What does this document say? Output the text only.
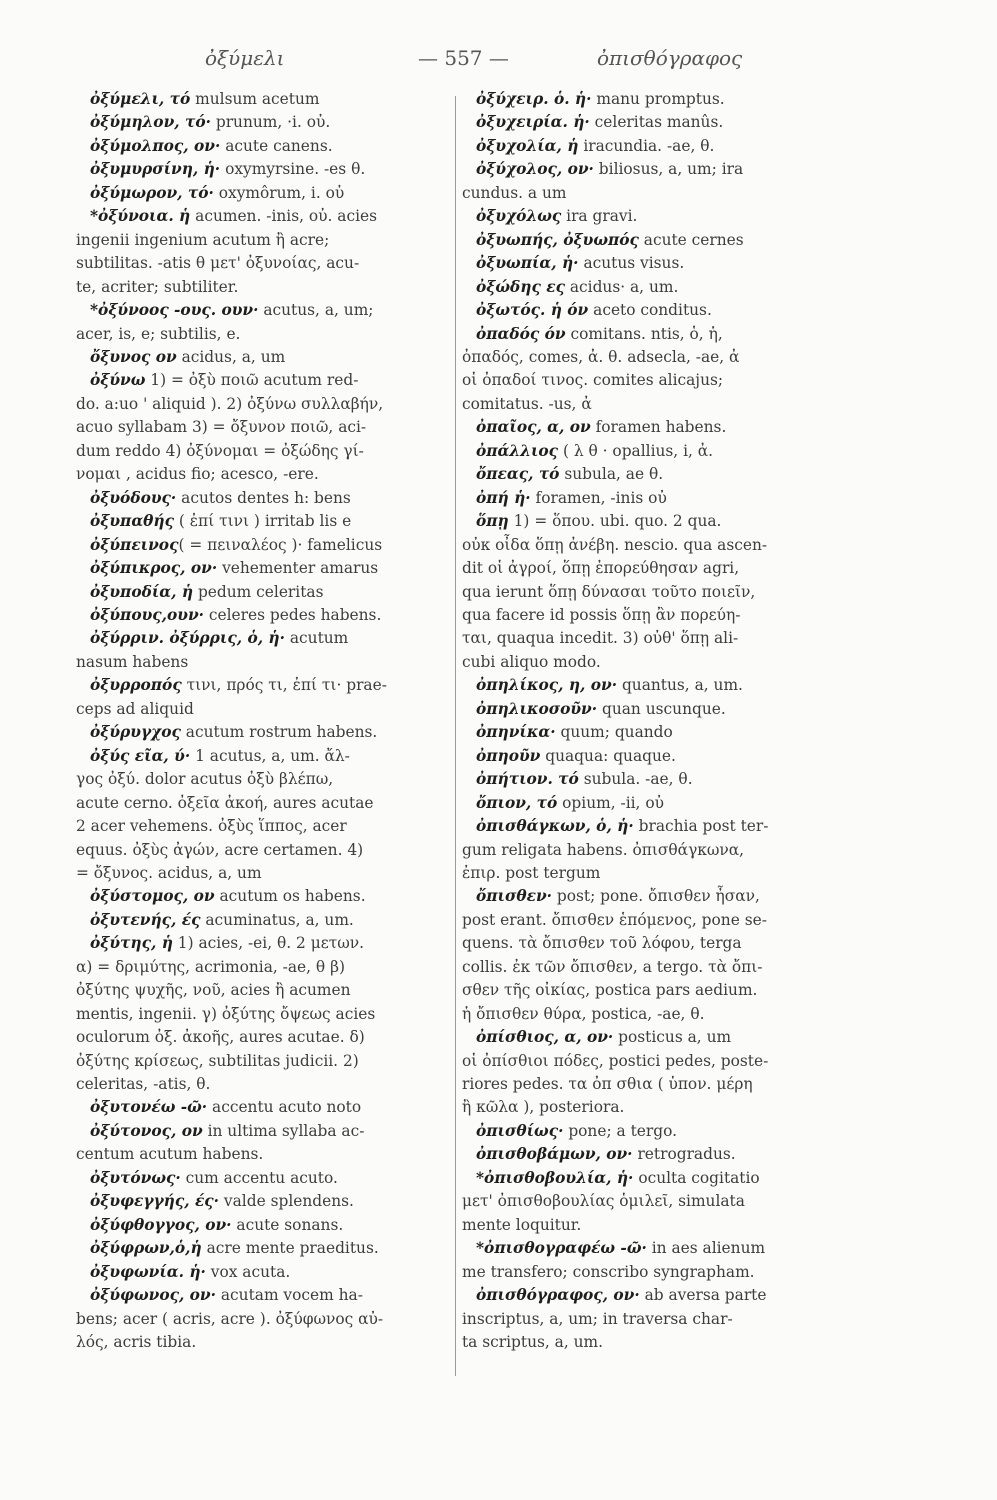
ὀξύμελι	— 557 —	ὀπισθόγραφος
ὀξύμελι, τό mulsum acetum
ὀξύμηλον, τό· prunum, ·i. οὐ.
ὀξύμολπος, ον· acute canens.
ὀξυμυρσίνη, ἡ· oxymyrsine. -es θ.
ὀξύμωρον, τό· oxymôrum, i. οὐ
*ὀξύνοια. ἡ acumen. -inis, οὐ. acies
ingenii ingenium acutum ἢ acre;
subtilitas. -atis θ μετ' ὀξυνοίας, acu-
te, acriter; subtiliter.
*ὀξύνοος -ους. ουν· acutus, a, um;
acer, is, e; subtilis, e.
ὄξυνος ον acidus, a, um
ὀξύνω 1) = ὀξὺ ποιῶ acutum red-
do. a:uo ' aliquid ). 2) ὀξύνω συλλαβήν,
acuo syllabam 3) = ὄξυνον ποιῶ, aci-
dum reddo 4) ὀξύνομαι = ὀξώδης γί-
νομαι , acidus fio; acesco, -ere.
ὀξυόδους· acutos dentes h: bens
ὀξυπαθής ( ἐπί τινι ) irritab lis e
ὀξύπεινος( = πειναλέος )· famelicus
ὀξύπικρος, ον· vehementer amarus
ὀξυποδία, ἡ pedum celeritas
ὀξύπους,ουν· celeres pedes habens.
ὀξύρριν. ὀξύρρις, ὁ, ἡ· acutum
nasum habens
ὀξυρροπός τινι, πρός τι, ἐπί τι· prae-
ceps ad aliquid
ὀξύρυγχος acutum rostrum habens.
ὀξύς εῖα, ύ· 1 acutus, a, um. ἄλ-
γος ὀξύ. dolor acutus ὀξὺ βλέπω,
acute cerno. ὀξεῖα ἀκοή, aures acutae
2 acer vehemens. ὀξὺς ἵππος, acer
equus. ὀξὺς ἀγών, acre certamen. 4)
= ὄξυνος. acidus, a, um
ὀξύστομος, ον acutum os habens.
ὀξυτενής, ές acuminatus, a, um.
ὀξύτης, ἡ 1) acies, -ei, θ. 2 μετων.
α) = δριμύτης, acrimonia, -ae, θ β)
ὀξύτης ψυχῆς, νοῦ, acies ἢ acumen
mentis, ingenii. γ) ὀξύτης ὄψεως acies
oculorum ὀξ. ἀκοῆς, aures acutae. δ)
ὀξύτης κρίσεως, subtilitas judicii. 2)
celeritas, -atis, θ.
ὀξυτονέω -ῶ· accentu acuto noto
ὀξύτονος, ον in ultima syllaba ac-
centum acutum habens.
ὀξυτόνως· cum accentu acuto.
ὀξυφεγγής, ές· valde splendens.
ὀξύφθογγος, ον· acute sonans.
ὀξύφρων,ὁ,ἡ acre mente praeditus.
ὀξυφωνία. ἡ· vox acuta.
ὀξύφωνος, ον· acutam vocem ha-
bens; acer ( acris, acre ). ὀξύφωνος αὐ-
λός, acris tibia.
ὀξύχειρ. ὁ. ἡ· manu promptus.
ὀξυχειρία. ἡ· celeritas manûs.
ὀξυχολία, ἡ iracundia. -ae, θ.
ὀξύχολος, ον· biliosus, a, um; ira
cundus. a um
ὀξυχόλως ira gravi.
ὀξυωπής, ὀξυωπός acute cernes
ὀξυωπία, ἡ· acutus visus.
ὀξώδης ες acidus· a, um.
ὀξωτός. ἡ όν aceto conditus.
ὀπαδός όν comitans. ntis, ὁ, ἡ,
ὀπαδός, comes, ἀ. θ. adsecla, -ae, ἀ
οἱ ὀπαδοί τινος. comites alicajus;
comitatus. -us, ἀ
ὀπαῖος, α, ον foramen habens.
ὀπάλλιος ( λ θ · opallius, i, ἀ.
ὄπεας, τό subula, ae θ.
ὀπή ἡ· foramen, -inis οὐ
ὅπῃ 1) = ὅπου. ubi. quo. 2 qua.
οὐκ οἶδα ὅπῃ ἀνέβη. nescio. qua ascen-
dit οἱ ἀγροί, ὅπῃ ἐπορεύθησαν agri,
qua ierunt ὅπῃ δύνασαι τοῦτο ποιεῖν,
qua facere id possis ὅπῃ ἂν πορεύη-
ται, quaqua incedit. 3) οὐθ' ὅπῃ ali-
cubi aliquo modo.
ὀπηλίκος, η, ον· quantus, a, um.
ὀπηλικοσοῦν· quan uscunque.
ὀπηνίκα· quum; quando
ὀπηοῦν quaqua: quaque.
ὀπήτιον. τό subula. -ae, θ.
ὄπιον, τό opium, -ii, οὐ
ὀπισθάγκων, ὁ, ἡ· brachia post ter-
gum religata habens. ὀπισθάγκωνα,
ἐπιρ. post tergum
ὄπισθεν· post; pone. ὄπισθεν ἦσαν,
post erant. ὄπισθεν ἑπόμενος, pone se-
quens. τὰ ὄπισθεν τοῦ λόφου, terga
collis. ἐκ τῶν ὄπισθεν, a tergo. τὰ ὄπι-
σθεν τῆς οἰκίας, postica pars aedium.
ἡ ὄπισθεν θύρα, postica, -ae, θ.
ὀπίσθιος, α, ον· posticus a, um
οἱ ὀπίσθιοι πόδες, postici pedes, poste-
riores pedes. τα ὀπ σθια ( ὑπον. μέρη
ἢ κῶλα ), posteriora.
ὀπισθίως· pone; a tergo.
ὀπισθοβάμων, ον· retrogradus.
*ὀπισθοβουλία, ἡ· oculta cogitatio
μετ' ὀπισθοβουλίας ὁμιλεῖ, simulata
mente loquitur.
*ὀπισθογραφέω -ῶ· in aes alienum
me transfero; conscribo syngrapham.
ὀπισθόγραφος, ον· ab aversa parte
inscriptus, a, um; in traversa char-
ta scriptus, a, um.
